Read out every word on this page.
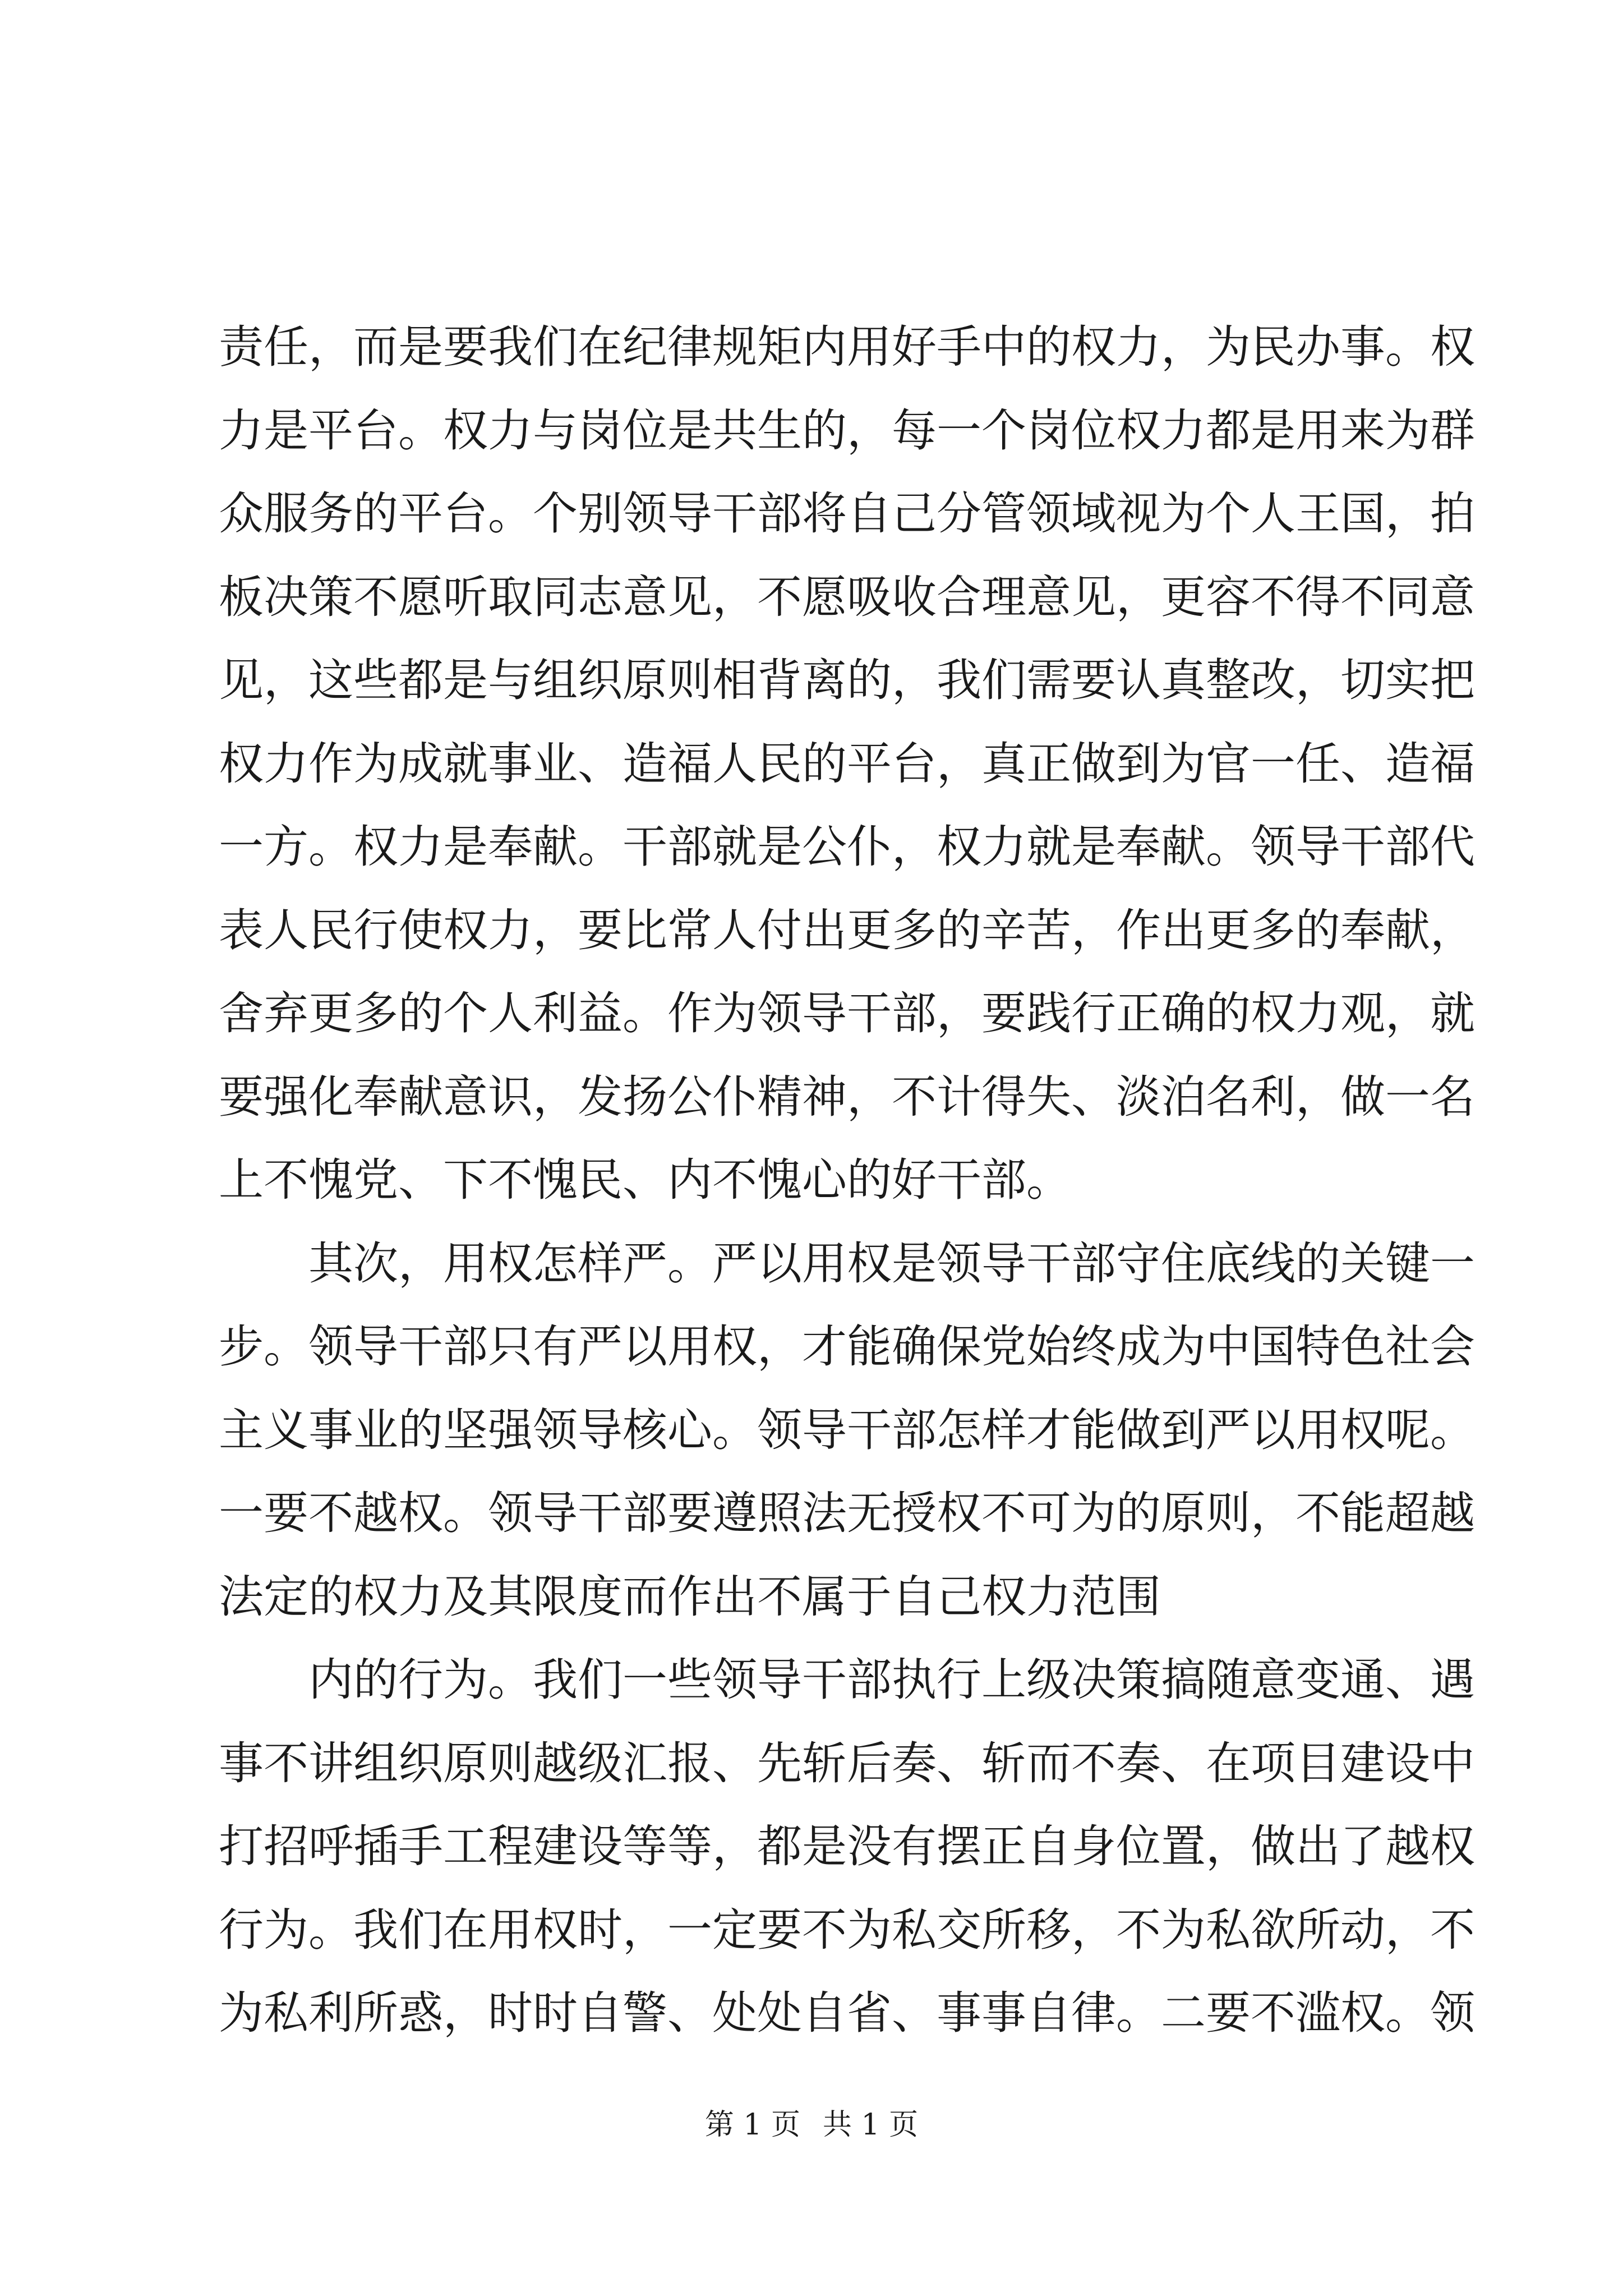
责任，而是要我们在纪律规矩内用好手中的权力，为民办事。权
力是平台。权力与岗位是共生的，每一个岗位权力都是用来为群
众服务的平台。个别领导干部将自己分管领域视为个人王国，拍
板决策不愿听取同志意见，不愿吸收合理意见，更容不得不同意
见，这些都是与组织原则相背离的，我们需要认真整改，切实把
权力作为成就事业、造福人民的平台，真正做到为官一任、造福
一方。权力是奉献。干部就是公仆，权力就是奉献。领导干部代
表人民行使权力，要比常人付出更多的辛苦，作出更多的奉献，
舍弃更多的个人利益。作为领导干部，要践行正确的权力观，就
要强化奉献意识，发扬公仆精神，不计得失、淡泊名利，做一名
上不愧党、下不愧民、内不愧心的好干部。
其次，用权怎样严。严以用权是领导干部守住底线的关键一
步。领导干部只有严以用权，才能确保党始终成为中国特色社会
主义事业的坚强领导核心。领导干部怎样才能做到严以用权呢。
一要不越权。领导干部要遵照法无授权不可为的原则，不能超越
法定的权力及其限度而作出不属于自己权力范围
内的行为。我们一些领导干部执行上级决策搞随意变通、遇
事不讲组织原则越级汇报、先斩后奏、斩而不奏、在项目建设中
打招呼插手工程建设等等，都是没有摆正自身位置，做出了越权
行为。我们在用权时，一定要不为私交所移，不为私欲所动，不
为私利所惑，时时自警、处处自省、事事自律。二要不滥权。领
第 1 页 共 1 页
